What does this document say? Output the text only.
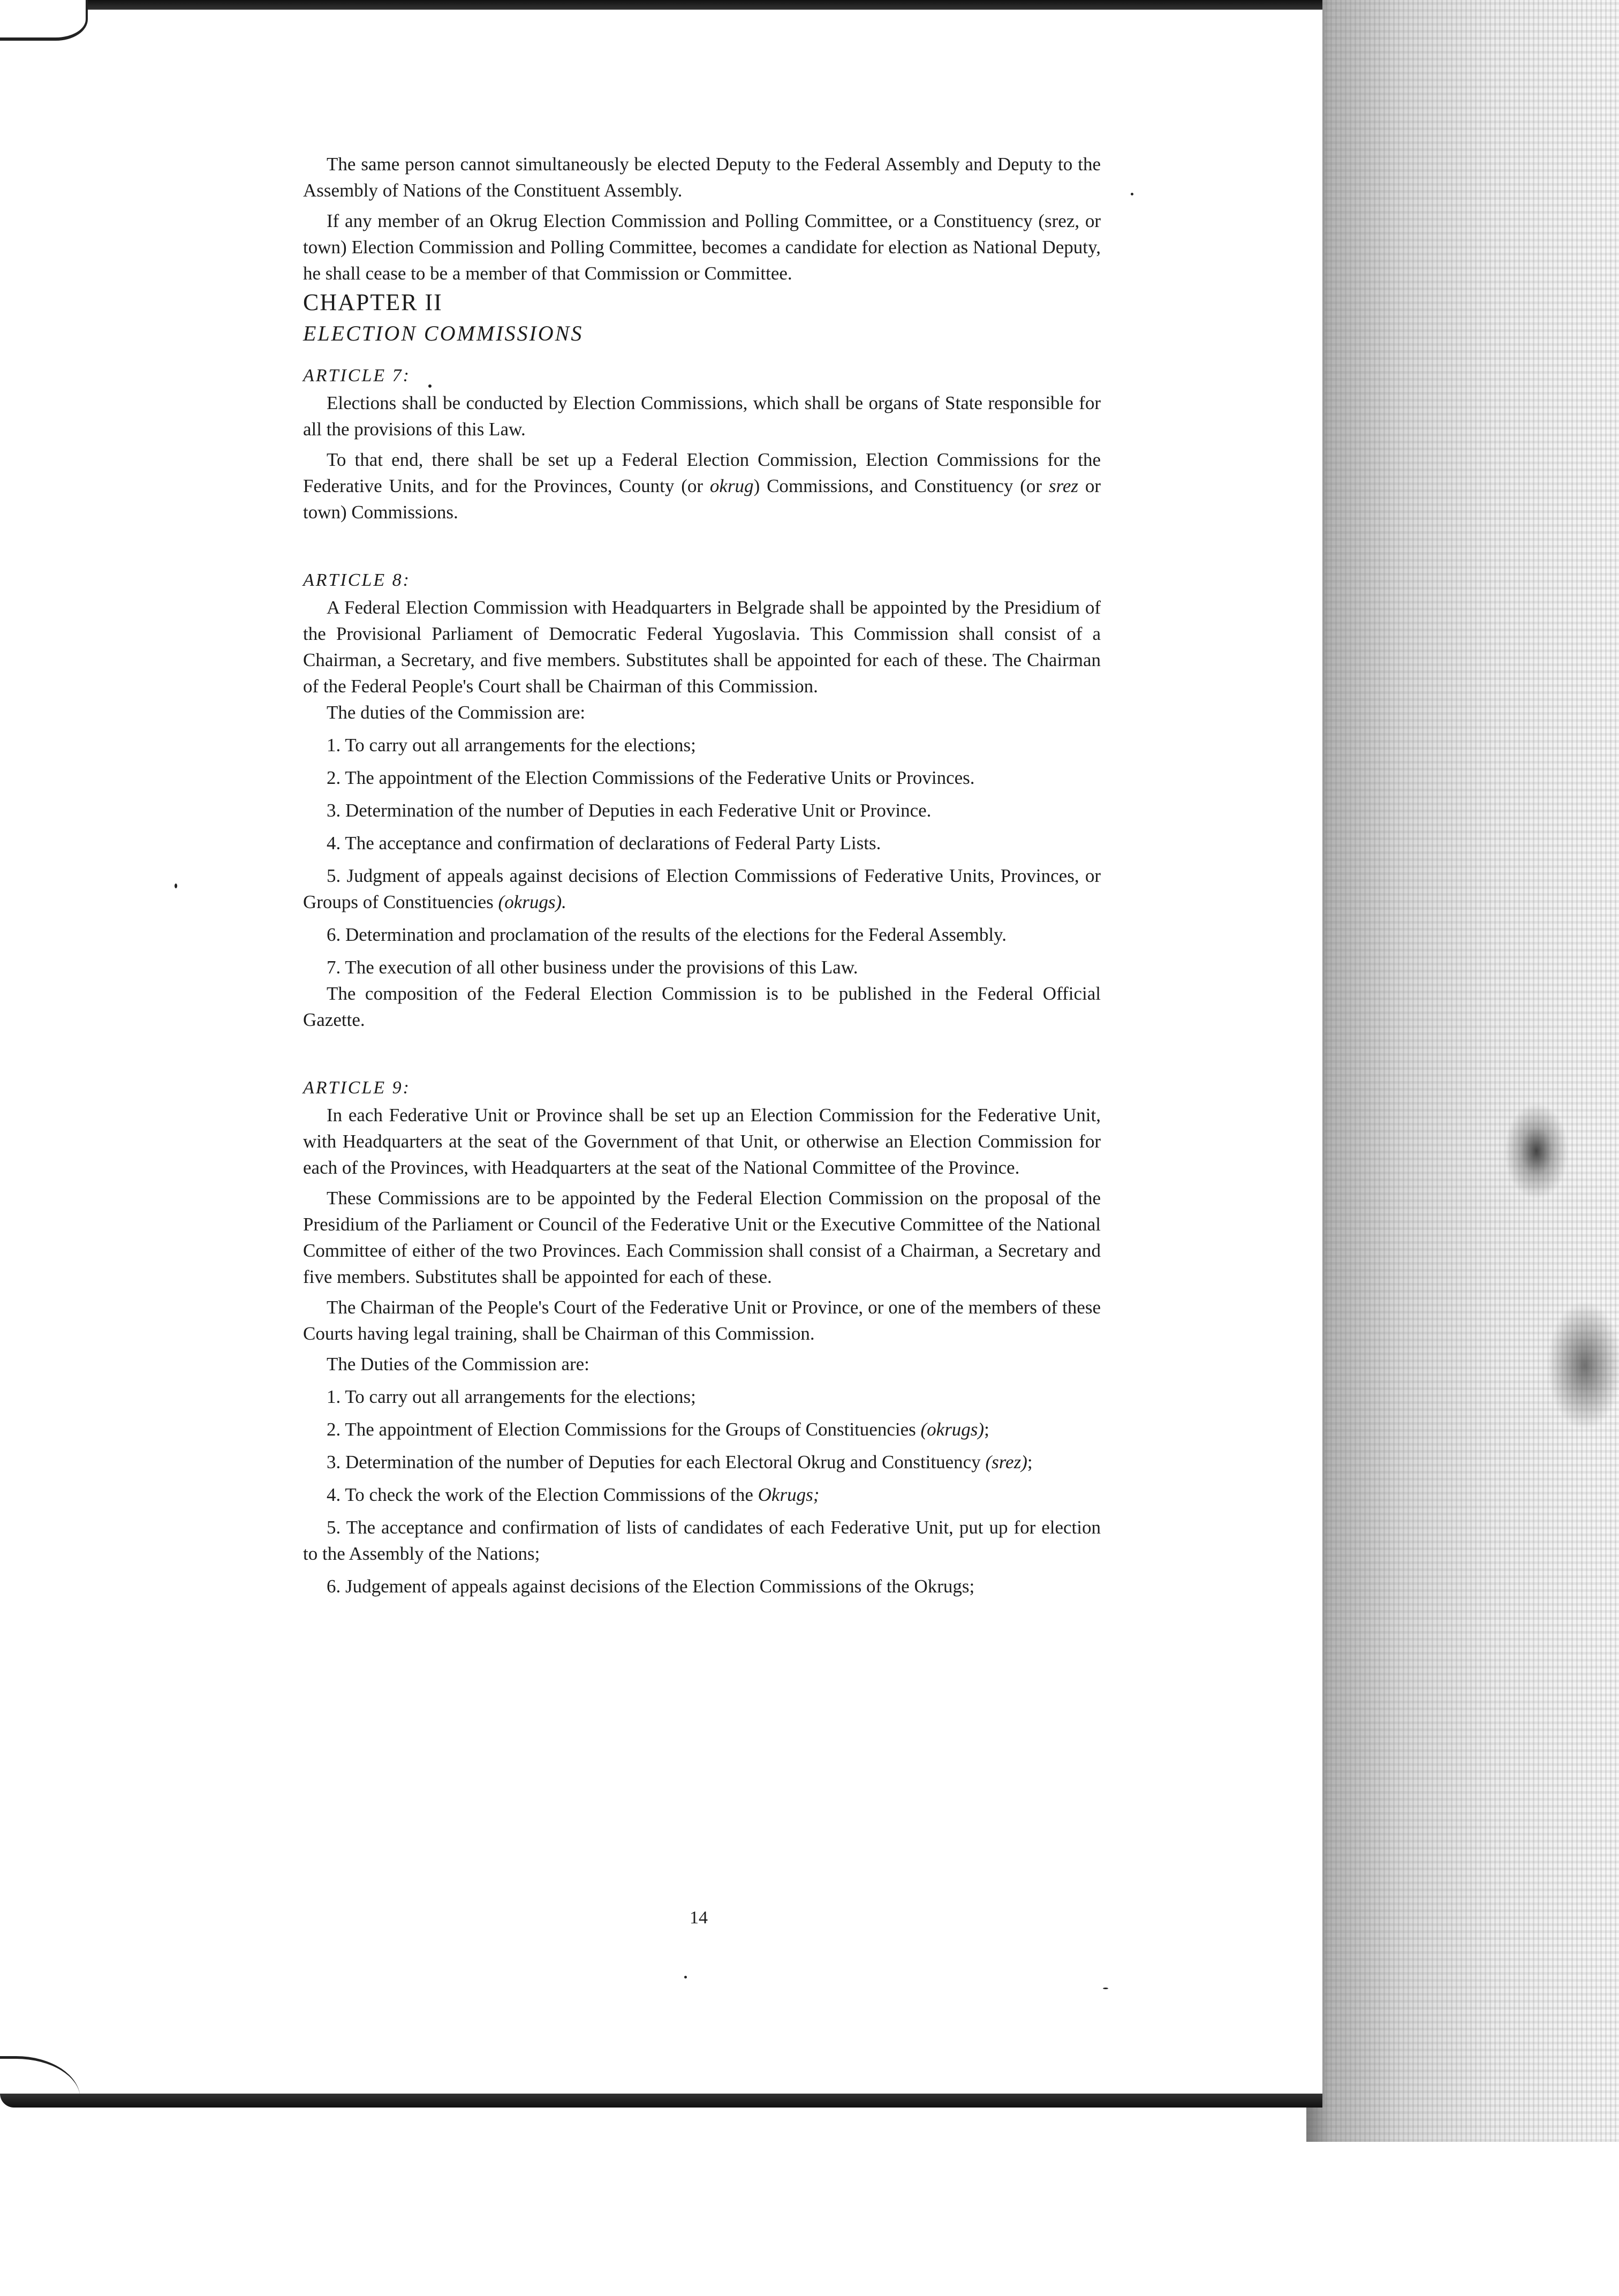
The same person cannot simultaneously be elected Deputy to the Federal Assembly and Deputy to the Assembly of Nations of the Constituent Assembly.

If any member of an Okrug Election Commission and Polling Committee, or a Constituency (srez, or town) Election Commission and Polling Committee, becomes a candidate for election as National Deputy, he shall cease to be a member of that Commission or Committee.

CHAPTER II

ELECTION COMMISSIONS

ARTICLE 7:

Elections shall be conducted by Election Commissions, which shall be organs of State responsible for all the provisions of this Law.

To that end, there shall be set up a Federal Election Commission, Election Commissions for the Federative Units, and for the Provinces, County (or okrug) Commissions, and Constituency (or srez or town) Commissions.

ARTICLE 8:

A Federal Election Commission with Headquarters in Belgrade shall be appointed by the Presidium of the Provisional Parliament of Democratic Federal Yugoslavia. This Commission shall consist of a Chairman, a Secretary, and five members. Substitutes shall be appointed for each of these. The Chairman of the Federal People's Court shall be Chairman of this Commission.

The duties of the Commission are:

1. To carry out all arrangements for the elections;

2. The appointment of the Election Commissions of the Federative Units or Provinces.

3. Determination of the number of Deputies in each Federative Unit or Province.

4. The acceptance and confirmation of declarations of Federal Party Lists.

5. Judgment of appeals against decisions of Election Commissions of Federative Units, Provinces, or Groups of Constituencies (okrugs).

6. Determination and proclamation of the results of the elections for the Federal Assembly.

7. The execution of all other business under the provisions of this Law.

The composition of the Federal Election Commission is to be published in the Federal Official Gazette.

ARTICLE 9:

In each Federative Unit or Province shall be set up an Election Commission for the Federative Unit, with Headquarters at the seat of the Government of that Unit, or otherwise an Election Commission for each of the Provinces, with Headquarters at the seat of the National Committee of the Province.

These Commissions are to be appointed by the Federal Election Commission on the proposal of the Presidium of the Parliament or Council of the Federative Unit or the Executive Committee of the National Committee of either of the two Provinces. Each Commission shall consist of a Chairman, a Secretary and five members. Substitutes shall be appointed for each of these.

The Chairman of the People's Court of the Federative Unit or Province, or one of the members of these Courts having legal training, shall be Chairman of this Commission.

The Duties of the Commission are:

1. To carry out all arrangements for the elections;

2. The appointment of Election Commissions for the Groups of Constituencies (okrugs);

3. Determination of the number of Deputies for each Electoral Okrug and Constituency (srez);

4. To check the work of the Election Commissions of the Okrugs;

5. The acceptance and confirmation of lists of candidates of each Federative Unit, put up for election to the Assembly of the Nations;

6. Judgement of appeals against decisions of the Election Commissions of the Okrugs;

14
